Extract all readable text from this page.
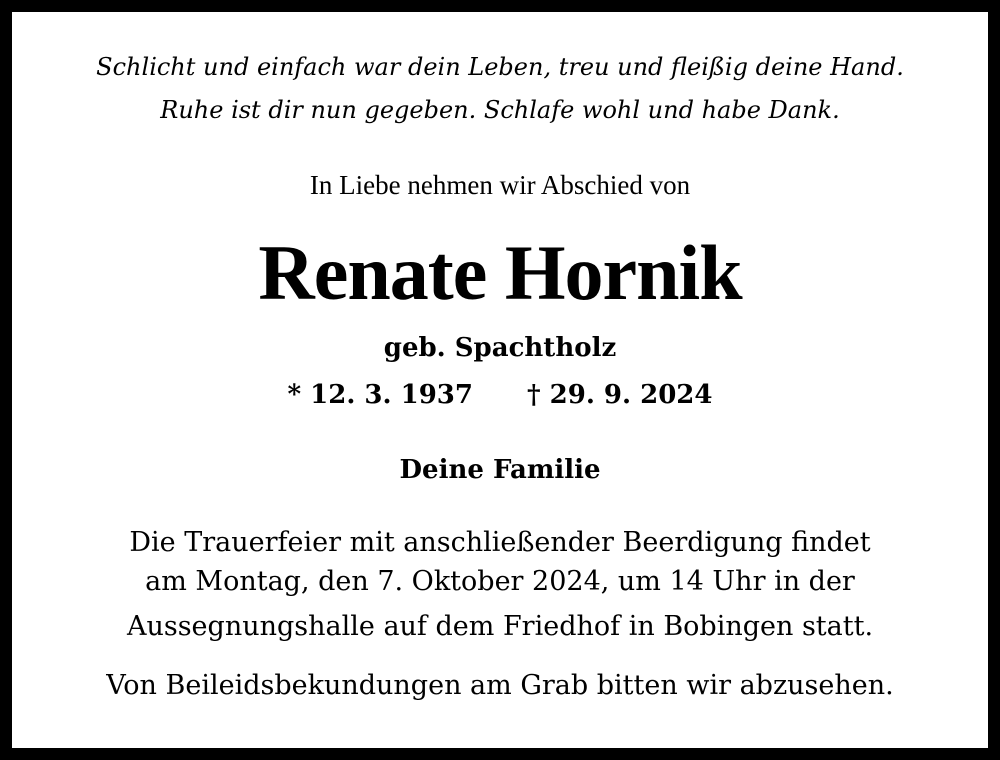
Schlicht und einfach war dein Leben, treu und fleißig deine Hand.
Ruhe ist dir nun gegeben. Schlafe wohl und habe Dank.
In Liebe nehmen wir Abschied von
Renate Hornik
geb. Spachtholz
* 12. 3. 1937 † 29. 9. 2024
Deine Familie
Die Trauerfeier mit anschließender Beerdigung findet
am Montag, den 7. Oktober 2024, um 14 Uhr in der
Aussegnungshalle auf dem Friedhof in Bobingen statt.
Von Beileidsbekundungen am Grab bitten wir abzusehen.
